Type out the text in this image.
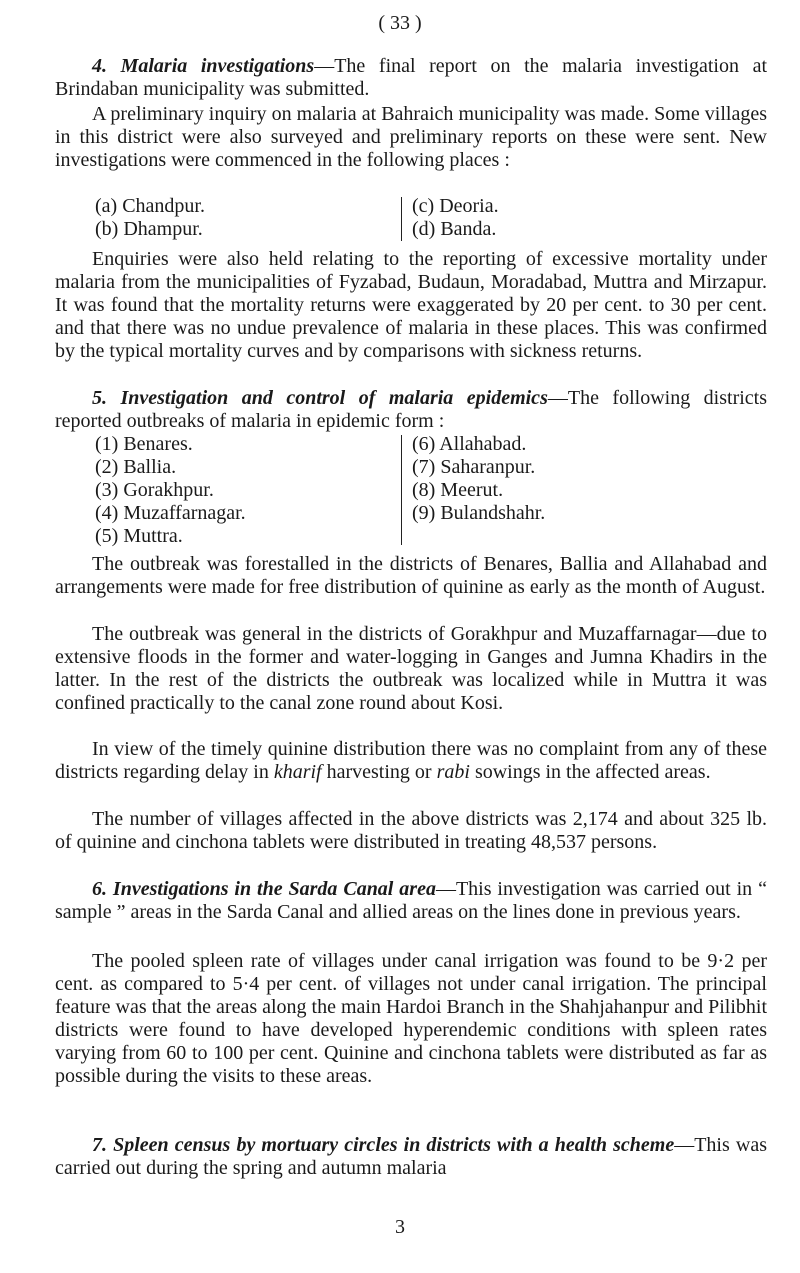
( 33 )

4. Malaria investigations—The final report on the malaria investigation at Brindaban municipality was submitted.

A preliminary inquiry on malaria at Bahraich municipality was made. Some villages in this district were also surveyed and preliminary reports on these were sent. New investigations were commenced in the following places :

(a) Chandpur.
(b) Dhampur.
(c) Deoria.
(d) Banda.

Enquiries were also held relating to the reporting of excessive mortality under malaria from the municipalities of Fyzabad, Budaun, Moradabad, Muttra and Mirzapur. It was found that the mortality returns were exaggerated by 20 per cent. to 30 per cent. and that there was no undue prevalence of malaria in these places. This was confirmed by the typical mortality curves and by comparisons with sickness returns.

5. Investigation and control of malaria epidemics—The following districts reported outbreaks of malaria in epidemic form :

(1) Benares.
(2) Ballia.
(3) Gorakhpur.
(4) Muzaffarnagar.
(5) Muttra.
(6) Allahabad.
(7) Saharanpur.
(8) Meerut.
(9) Bulandshahr.

The outbreak was forestalled in the districts of Benares, Ballia and Allahabad and arrangements were made for free distribution of quinine as early as the month of August.

The outbreak was general in the districts of Gorakhpur and Muzaffarnagar—due to extensive floods in the former and water-logging in Ganges and Jumna Khadirs in the latter. In the rest of the districts the outbreak was localized while in Muttra it was confined practically to the canal zone round about Kosi.

In view of the timely quinine distribution there was no complaint from any of these districts regarding delay in kharif harvesting or rabi sowings in the affected areas.

The number of villages affected in the above districts was 2,174 and about 325 lb. of quinine and cinchona tablets were distributed in treating 48,537 persons.

6. Investigations in the Sarda Canal area—This investigation was carried out in “ sample ” areas in the Sarda Canal and allied areas on the lines done in previous years.

The pooled spleen rate of villages under canal irrigation was found to be 9·2 per cent. as compared to 5·4 per cent. of villages not under canal irrigation. The principal feature was that the areas along the main Hardoi Branch in the Shahjahanpur and Pilibhit districts were found to have developed hyperendemic conditions with spleen rates varying from 60 to 100 per cent. Quinine and cinchona tablets were distributed as far as possible during the visits to these areas.

7. Spleen census by mortuary circles in districts with a health scheme—This was carried out during the spring and autumn malaria

3
